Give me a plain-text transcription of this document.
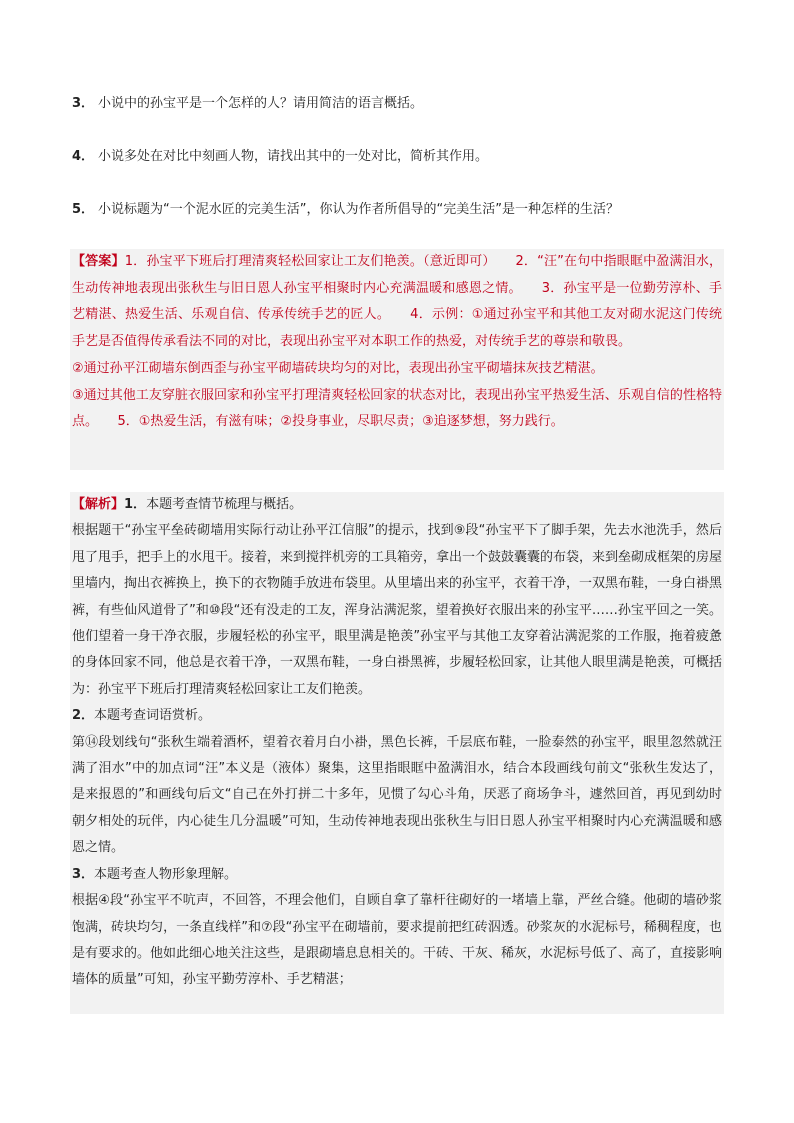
3． 小说中的孙宝平是一个怎样的人？请用简洁的语言概括。

4． 小说多处在对比中刻画人物，请找出其中的一处对比，简析其作用。

5． 小说标题为“一个泥水匠的完美生活”，你认为作者所倡导的“完美生活”是一种怎样的生活？

【答案】1．孙宝平下班后打理清爽轻松回家让工友们艳羡。（意近即可）　　2．“汪”在句中指眼眶中盈满泪水，生动传神地表现出张秋生与旧日恩人孙宝平相聚时内心充满温暖和感恩之情。　　3．孙宝平是一位勤劳淳朴、手艺精湛、热爱生活、乐观自信、传承传统手艺的匠人。　　4．示例：①通过孙宝平和其他工友对砌水泥这门传统手艺是否值得传承看法不同的对比，表现出孙宝平对本职工作的热爱，对传统手艺的尊崇和敬畏。

②通过孙平江砌墙东倒西歪与孙宝平砌墙砖块均匀的对比，表现出孙宝平砌墙抹灰技艺精湛。

③通过其他工友穿脏衣服回家和孙宝平打理清爽轻松回家的状态对比，表现出孙宝平热爱生活、乐观自信的性格特点。　　5．①热爱生活，有滋有味；②投身事业，尽职尽责；③追逐梦想，努力践行。

【解析】1．本题考查情节梳理与概括。

根据题干“孙宝平垒砖砌墙用实际行动让孙平江信服”的提示，找到⑨段“孙宝平下了脚手架，先去水池洗手，然后甩了甩手，把手上的水甩干。接着，来到搅拌机旁的工具箱旁，拿出一个鼓鼓囊囊的布袋，来到垒砌成框架的房屋里墙内，掏出衣裤换上，换下的衣物随手放进布袋里。从里墙出来的孙宝平，衣着干净，一双黑布鞋，一身白褂黑裤，有些仙风道骨了”和⑩段“还有没走的工友，浑身沾满泥浆，望着换好衣服出来的孙宝平……孙宝平回之一笑。他们望着一身干净衣服，步履轻松的孙宝平，眼里满是艳羡”孙宝平与其他工友穿着沾满泥浆的工作服，拖着疲惫的身体回家不同，他总是衣着干净，一双黑布鞋，一身白褂黑裤，步履轻松回家，让其他人眼里满是艳羡，可概括为：孙宝平下班后打理清爽轻松回家让工友们艳羡。

2．本题考查词语赏析。

第⑭段划线句“张秋生端着酒杯，望着衣着月白小褂，黑色长裤，千层底布鞋，一脸泰然的孙宝平，眼里忽然就汪满了泪水”中的加点词“汪”本义是（液体）聚集，这里指眼眶中盈满泪水，结合本段画线句前文“张秋生发达了，是来报恩的”和画线句后文“自己在外打拼二十多年，见惯了勾心斗角，厌恶了商场争斗，遽然回首，再见到幼时朝夕相处的玩伴，内心徒生几分温暖”可知，生动传神地表现出张秋生与旧日恩人孙宝平相聚时内心充满温暖和感恩之情。

3．本题考查人物形象理解。

根据④段“孙宝平不吭声，不回答，不理会他们，自顾自拿了靠杆往砌好的一堵墙上靠，严丝合缝。他砌的墙砂浆饱满，砖块均匀，一条直线样”和⑦段“孙宝平在砌墙前，要求提前把红砖泅透。砂浆灰的水泥标号，稀稠程度，也是有要求的。他如此细心地关注这些，是跟砌墙息息相关的。干砖、干灰、稀灰，水泥标号低了、高了，直接影响墙体的质量”可知，孙宝平勤劳淳朴、手艺精湛；
